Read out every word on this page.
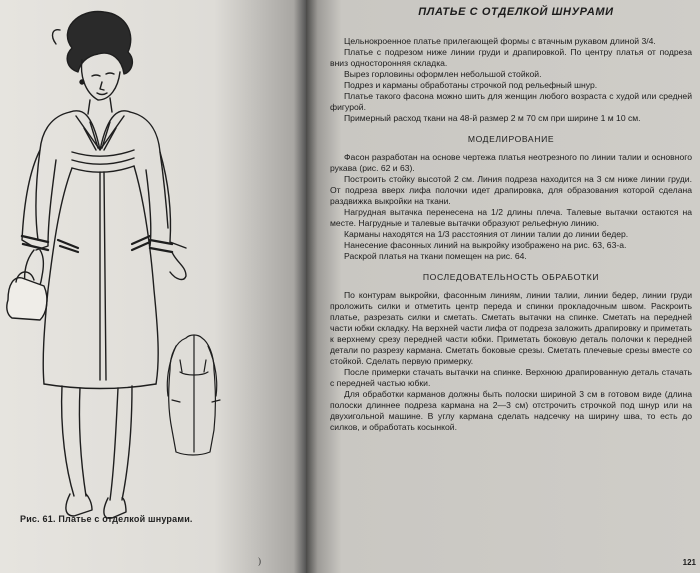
Рис. 61. Платье с отделкой шнурами.
)
ПЛАТЬЕ С ОТДЕЛКОЙ ШНУРАМИ

Цельнокроенное платье прилегающей формы с втачным рукавом длиной 3/4.

Платье с подрезом ниже линии груди и драпировкой. По центру платья от подреза вниз односторонняя складка.

Вырез горловины оформлен небольшой стойкой.

Подрез и карманы обработаны строчкой под рельефный шнур.

Платье такого фасона можно шить для женщин любого возраста с худой или средней фигурой.

Примерный расход ткани на 48-й размер 2 м 70 см при ширине 1 м 10 см.

МОДЕЛИРОВАНИЕ

Фасон разработан на основе чертежа платья неотрезного по линии талии и основного рукава (рис. 62 и 63).

Построить стойку высотой 2 см. Линия подреза находится на 3 см ниже линии груди. От подреза вверх лифа полочки идет драпировка, для образования которой сделана раздвижка выкройки на ткани.

Нагрудная вытачка перенесена на 1/2 длины плеча. Талевые вытачки остаются на месте. Нагрудные и талевые вытачки образуют рельефную линию.

Карманы находятся на 1/3 расстояния от линии талии до линии бедер.

Нанесение фасонных линий на выкройку изображено на рис. 63, 63-а.

Раскрой платья на ткани помещен на рис. 64.

ПОСЛЕДОВАТЕЛЬНОСТЬ ОБРАБОТКИ

По контурам выкройки, фасонным линиям, линии талии, линии бедер, линии груди проложить силки и отметить центр переда и спинки прокладочным швом. Раскроить платье, разрезать силки и сметать. Сметать вытачки на спинке. Сметать на передней части юбки складку. На верхней части лифа от подреза заложить драпировку и приметать к верхнему срезу передней части юбки. Приметать боковую деталь полочки к передней детали по разрезу кармана. Сметать боковые срезы. Сметать плечевые срезы вместе со стойкой. Сделать первую примерку.

После примерки стачать вытачки на спинке. Верхнюю драпированную деталь стачать с передней частью юбки.

Для обработки карманов должны быть полоски шириной 3 см в готовом виде (длина полоски длиннее подреза кармана на 2—3 см) отстрочить строчкой под шнур или на двухигольной машине. В углу кармана сделать надсечку на ширину шва, то есть до силков, и обработать косынкой.

121
